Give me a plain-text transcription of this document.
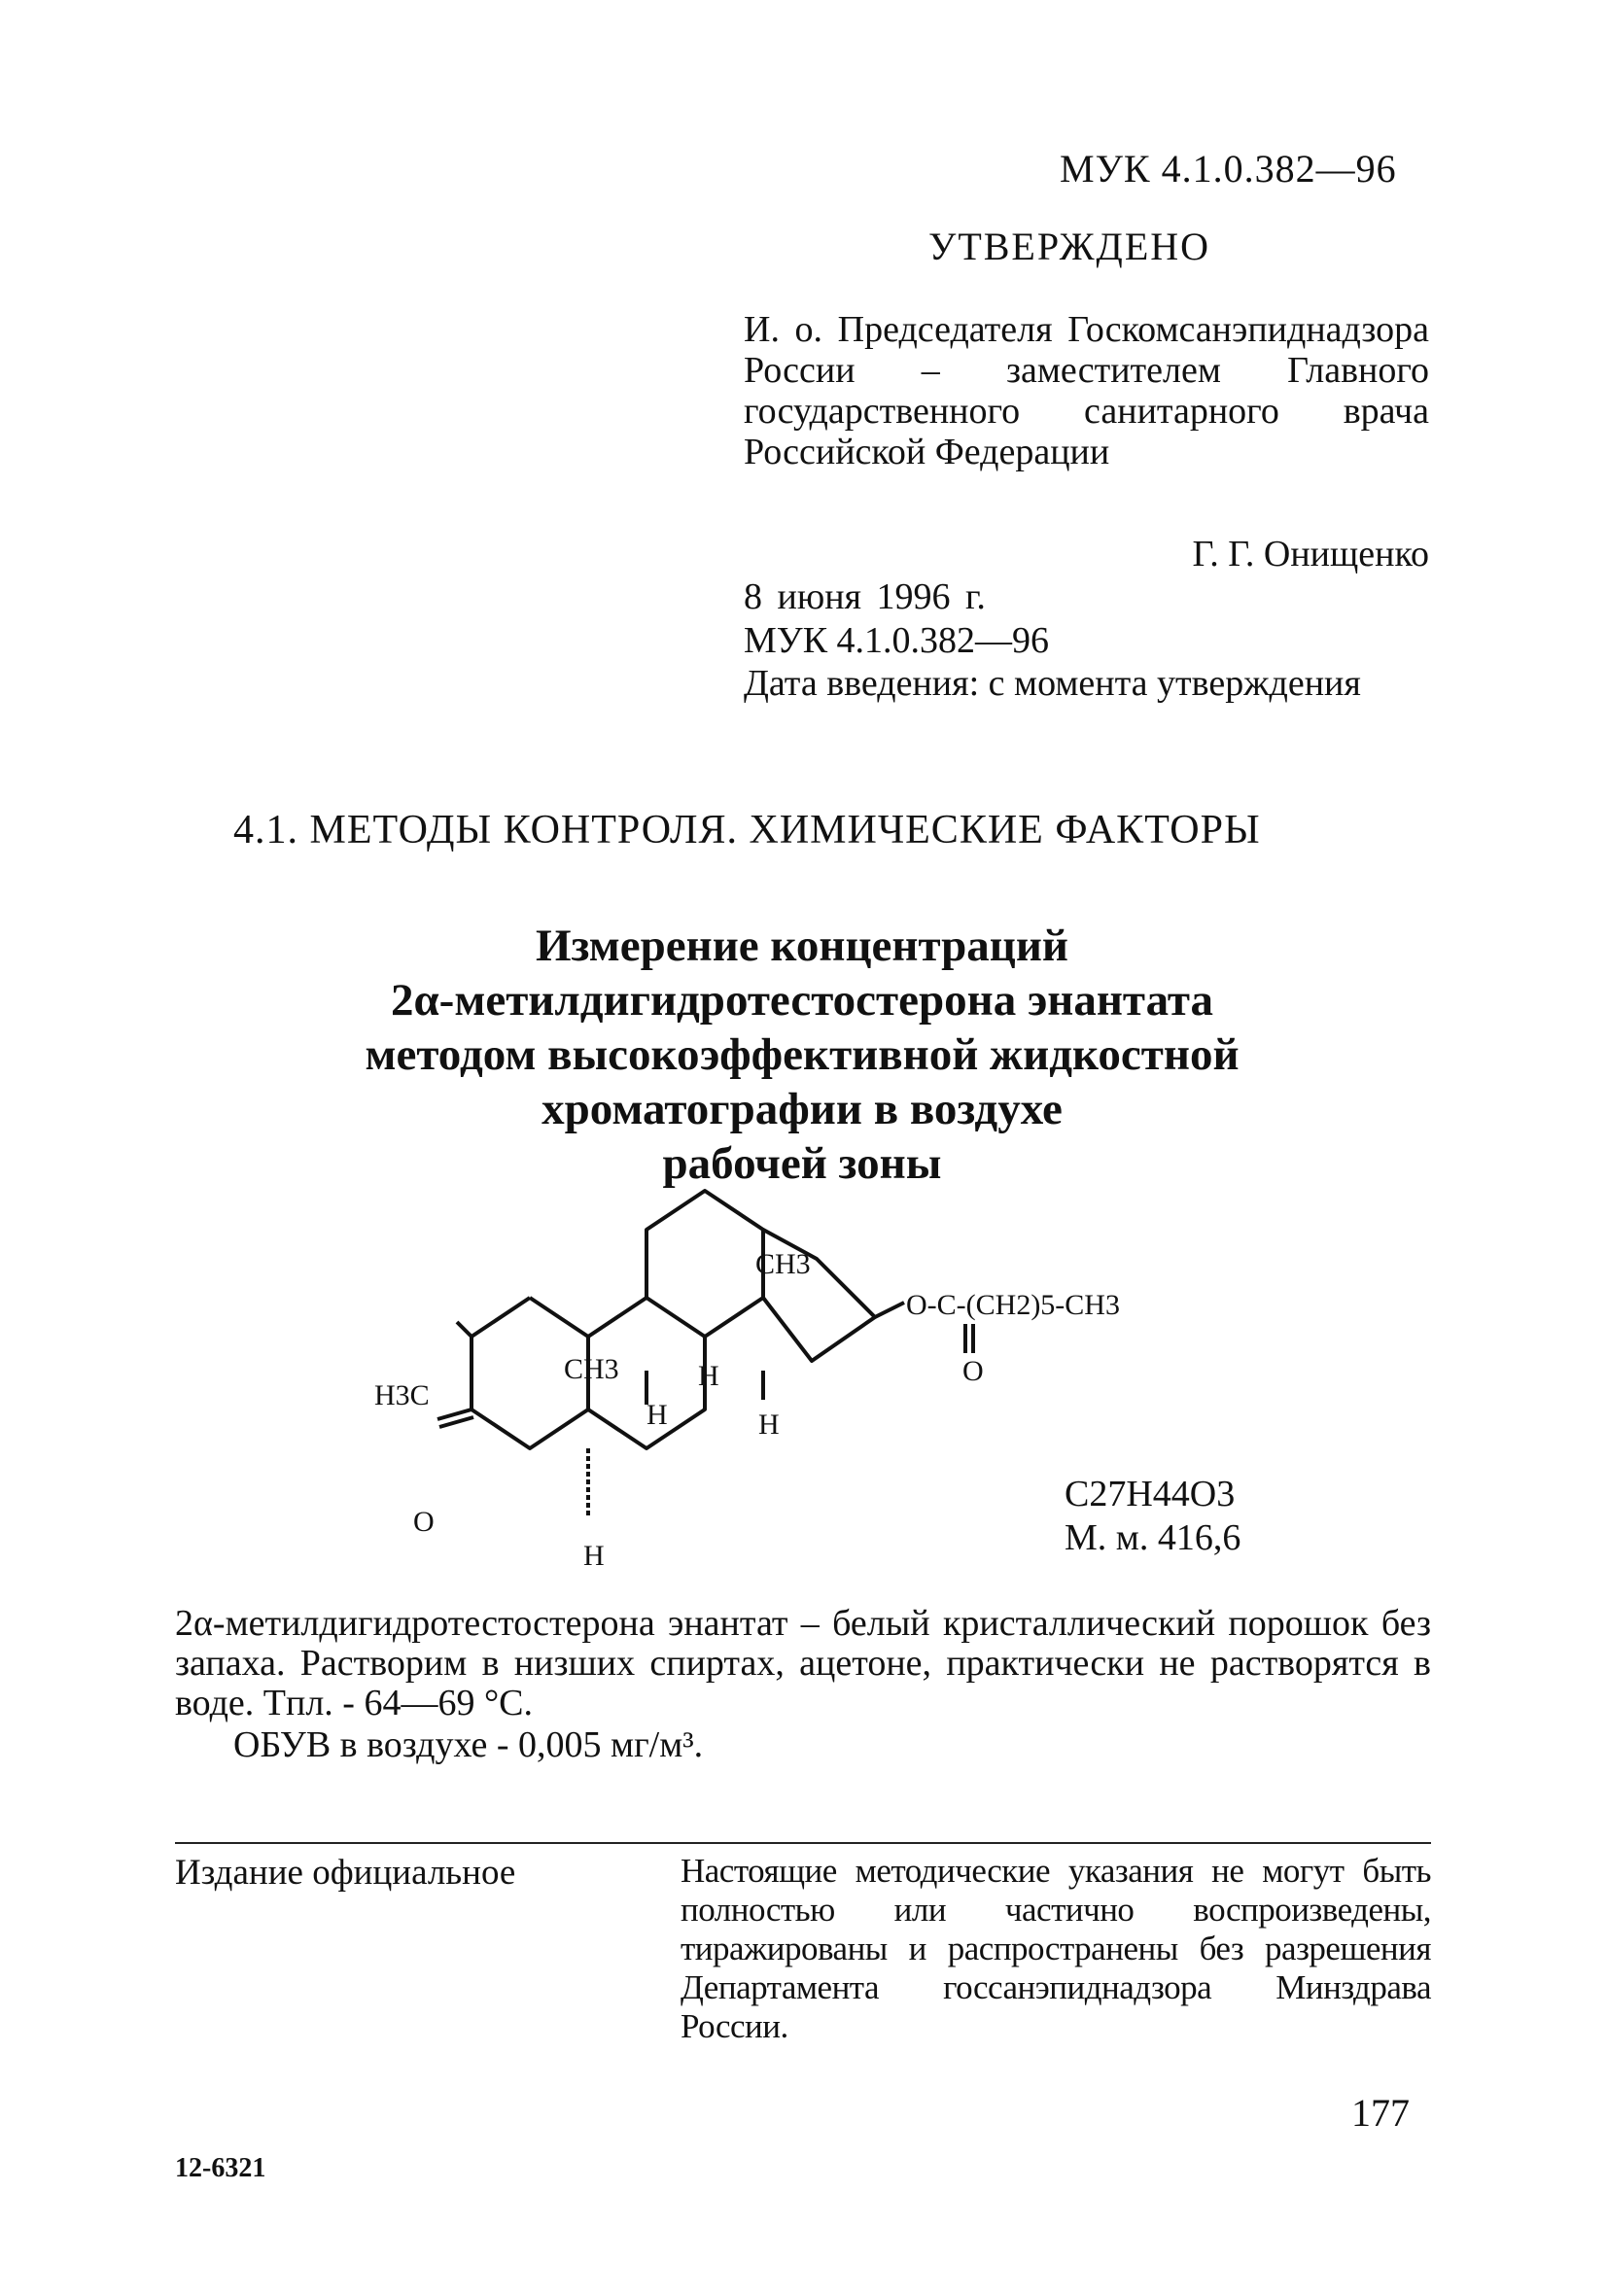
МУК 4.1.0.382—96
УТВЕРЖДЕНО
И. о. Председателя Госкомсанэпиднадзора России – заместителем Главного государственного санитарного врача Российской Федерации
Г. Г. Онищенко
8 июня 1996 г.
МУК 4.1.0.382—96
Дата введения: с момента утверждения
4.1. МЕТОДЫ КОНТРОЛЯ. ХИМИЧЕСКИЕ ФАКТОРЫ
Измерение концентраций
2α-метилдигидротестостерона энантата
методом высокоэффективной жидкостной
хроматографии в воздухе
рабочей зоны
CH3
CH3
H3C
O
H
H	H
H
O-C-(CH2)5-CH3
O
C27H44O3
М. м. 416,6
2α-метилдигидротестостерона энантат – белый кристаллический порошок без запаха. Растворим в низших спиртах, ацетоне, практически не растворятся в воде. Tпл. - 64—69 °С.
ОБУВ в воздухе - 0,005 мг/м³.
Издание официальное	Настоящие методические указания не могут быть полностью или частично воспроизведены, тиражированы и распространены без разрешения Департамента госсанэпиднадзора Минздрава России.
177
12-6321
